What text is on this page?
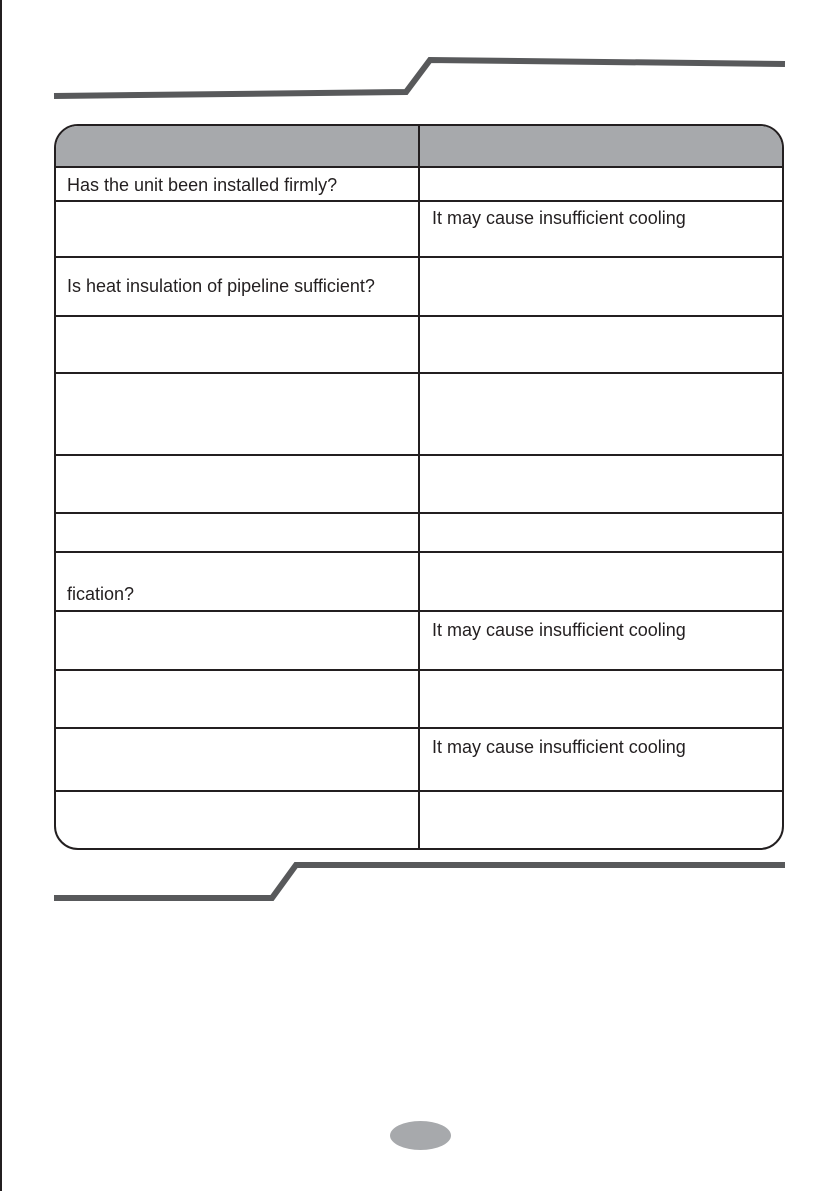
Has the unit been installed firmly?
It may cause insufficient cooling
Is heat insulation of pipeline sufficient?
fication?
It may cause insufficient cooling
It may cause insufficient cooling
